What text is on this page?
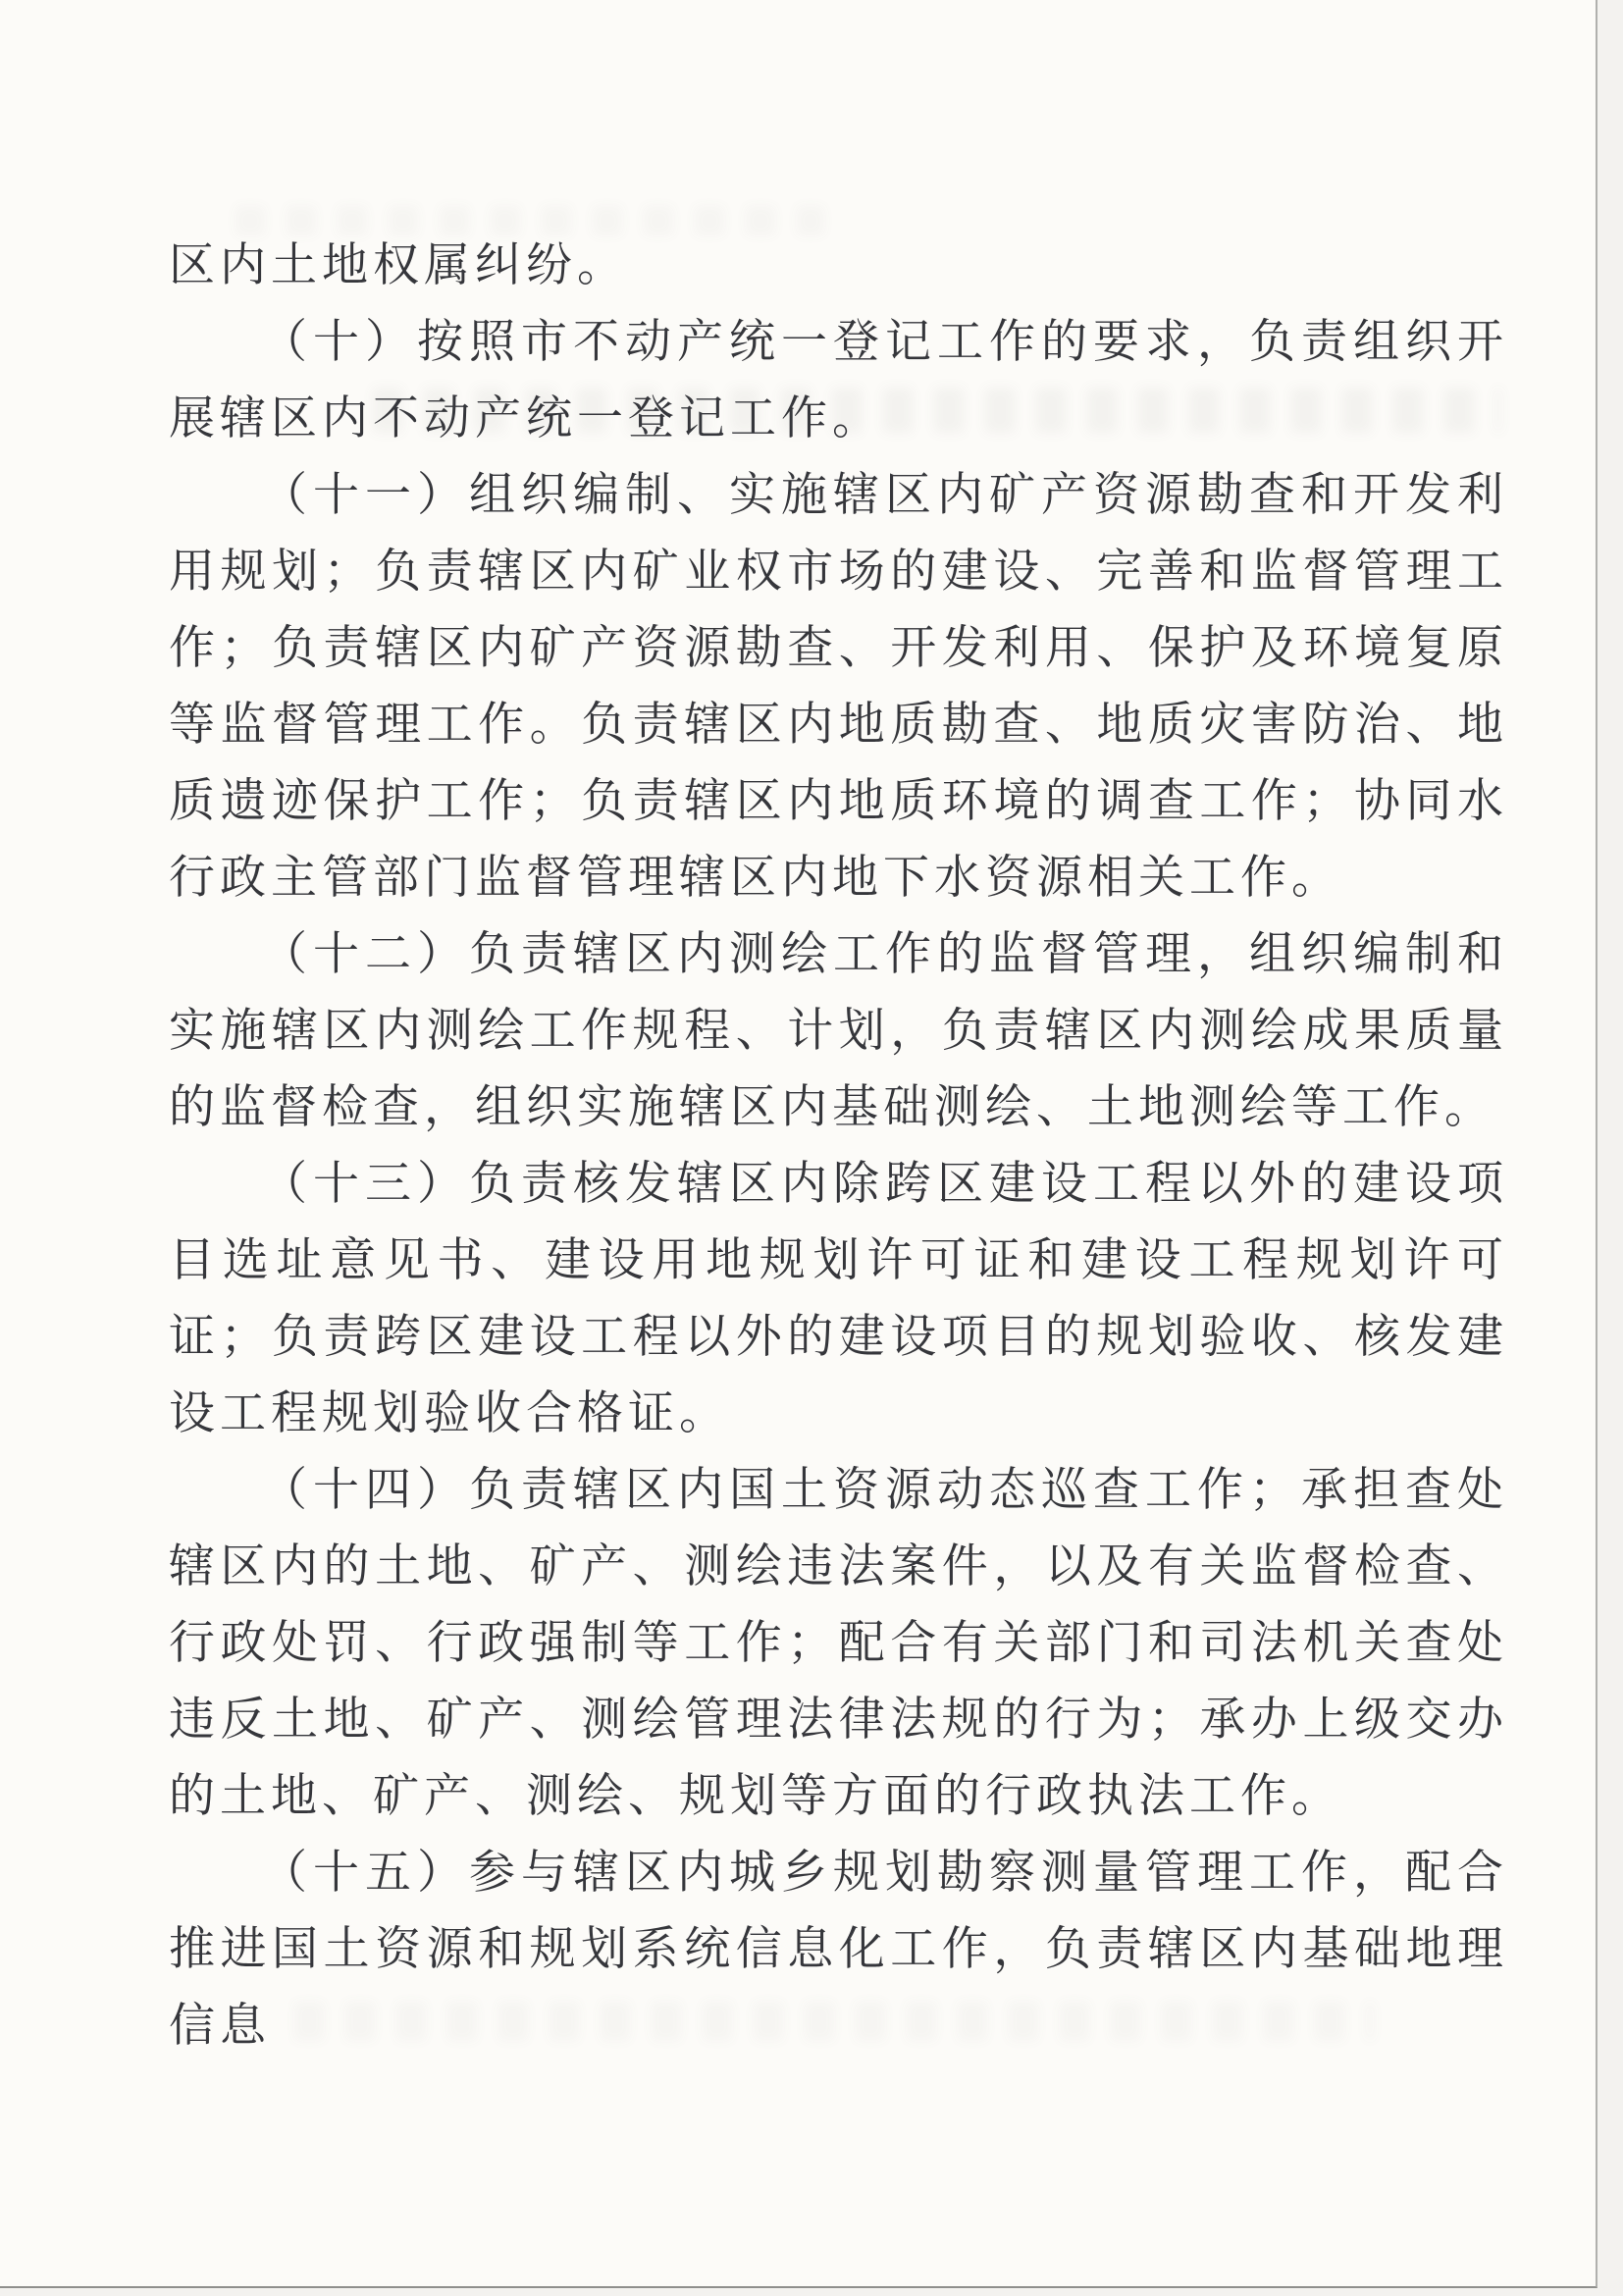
区内土地权属纠纷。

（十）按照市不动产统一登记工作的要求，负责组织开展辖区内不动产统一登记工作。

（十一）组织编制、实施辖区内矿产资源勘查和开发利用规划；负责辖区内矿业权市场的建设、完善和监督管理工作；负责辖区内矿产资源勘查、开发利用、保护及环境复原等监督管理工作。负责辖区内地质勘查、地质灾害防治、地质遗迹保护工作；负责辖区内地质环境的调查工作；协同水行政主管部门监督管理辖区内地下水资源相关工作。

（十二）负责辖区内测绘工作的监督管理，组织编制和实施辖区内测绘工作规程、计划，负责辖区内测绘成果质量的监督检查，组织实施辖区内基础测绘、土地测绘等工作。

（十三）负责核发辖区内除跨区建设工程以外的建设项目选址意见书、建设用地规划许可证和建设工程规划许可证；负责跨区建设工程以外的建设项目的规划验收、核发建设工程规划验收合格证。

（十四）负责辖区内国土资源动态巡查工作；承担查处辖区内的土地、矿产、测绘违法案件，以及有关监督检查、行政处罚、行政强制等工作；配合有关部门和司法机关查处违反土地、矿产、测绘管理法律法规的行为；承办上级交办的土地、矿产、测绘、规划等方面的行政执法工作。

（十五）参与辖区内城乡规划勘察测量管理工作，配合推进国土资源和规划系统信息化工作，负责辖区内基础地理信息
